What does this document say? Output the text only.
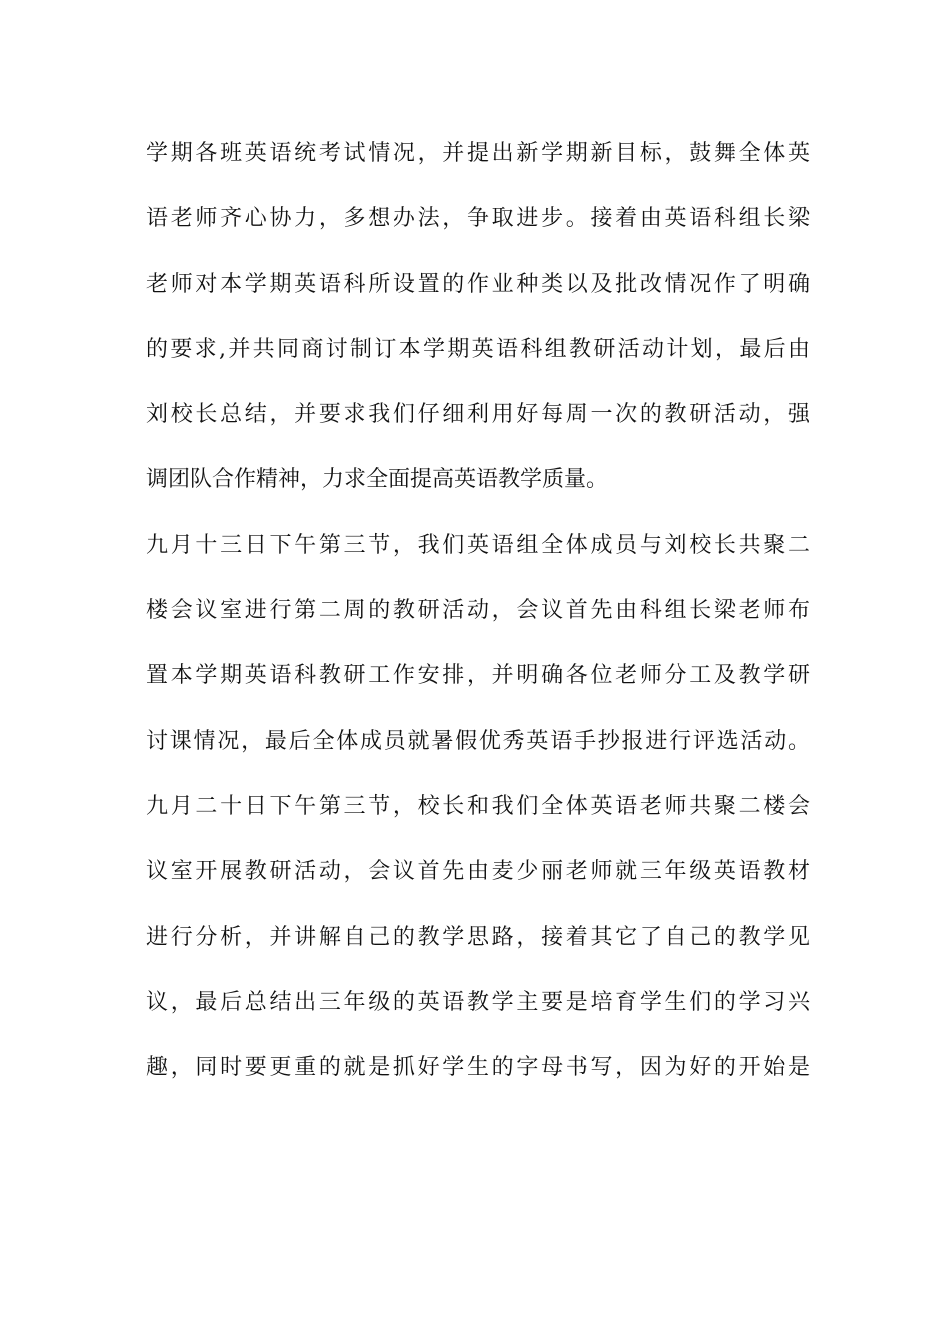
学期各班英语统考试情况，并提出新学期新目标，鼓舞全体英
语老师齐心协力，多想办法，争取进步。接着由英语科组长梁
老师对本学期英语科所设置的作业种类以及批改情况作了明确
的要求,并共同商讨制订本学期英语科组教研活动计划，最后由
刘校长总结，并要求我们仔细利用好每周一次的教研活动，强
调团队合作精神，力求全面提高英语教学质量。
九月十三日下午第三节，我们英语组全体成员与刘校长共聚二
楼会议室进行第二周的教研活动，会议首先由科组长梁老师布
置本学期英语科教研工作安排，并明确各位老师分工及教学研
讨课情况，最后全体成员就暑假优秀英语手抄报进行评选活动。
九月二十日下午第三节，校长和我们全体英语老师共聚二楼会
议室开展教研活动，会议首先由麦少丽老师就三年级英语教材
进行分析，并讲解自己的教学思路，接着其它了自己的教学见
议，最后总结出三年级的英语教学主要是培育学生们的学习兴
趣，同时要更重的就是抓好学生的字母书写，因为好的开始是
